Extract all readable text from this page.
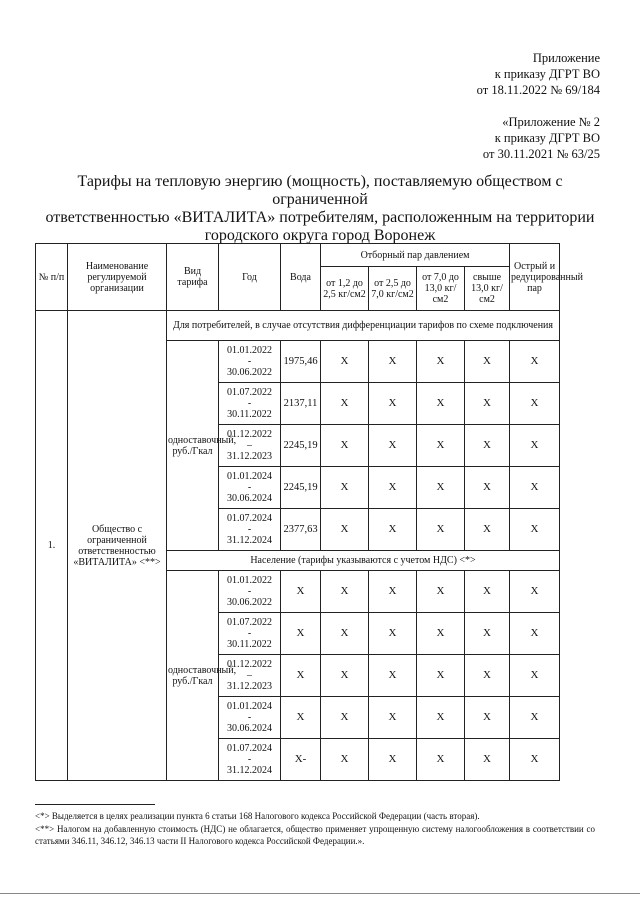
Приложение
к приказу ДГРТ ВО
от 18.11.2022 № 69/184
«Приложение № 2
к приказу ДГРТ ВО
от 30.11.2021 № 63/25
Тарифы на тепловую энергию (мощность), поставляемую обществом с ограниченной
ответственностью «ВИТАЛИТА» потребителям, расположенным на территории
городского округа город Воронеж
№ п/п	Наименование регулируемой организации	Вид тарифа	Год	Вода	Отборный пар давлением				Острый и редуцированный пар
					от 1,2 до 2,5 кг/см2	от 2,5 до 7,0 кг/см2	от 7,0 до 13,0 кг/см2	свыше 13,0 кг/см2	
1.	Общество с ограниченной ответственностью «ВИТАЛИТА» <**>	Для потребителей, в случае отсутствия дифференциации тарифов по схеме подключения							
		одноставочный, руб./Гкал	01.01.2022
-
30.06.2022	1975,46	Х	Х	Х	Х	Х

			01.07.2022
-
30.11.2022	2137,11	Х	Х	Х	Х	Х

			01.12.2022
–
31.12.2023	2245,19	Х	Х	Х	Х	Х

			01.01.2024
-
30.06.2024	2245,19	Х	Х	Х	Х	Х

			01.07.2024
-
31.12.2024	2377,63	Х	Х	Х	Х	Х
		Население (тарифы указываются с учетом НДС) <*>							
		одноставочный, руб./Гкал	01.01.2022
-
30.06.2022	Х	Х	Х	Х	Х	Х

			01.07.2022
-
30.11.2022	Х	Х	Х	Х	Х	Х

			01.12.2022
–
31.12.2023	Х	Х	Х	Х	Х	Х

			01.01.2024
-
30.06.2024	Х	Х	Х	Х	Х	Х

			01.07.2024
-
31.12.2024	Х-	Х	Х	Х	Х	Х
<*> Выделяется в целях реализации пункта 6 статьи 168 Налогового кодекса Российской Федерации (часть вторая).
<**> Налогом на добавленную стоимость (НДС) не облагается, общество применяет упрощенную систему налогообложения в соответствии со статьями 346.11, 346.12, 346.13 части II Налогового кодекса Российской Федерации.».
